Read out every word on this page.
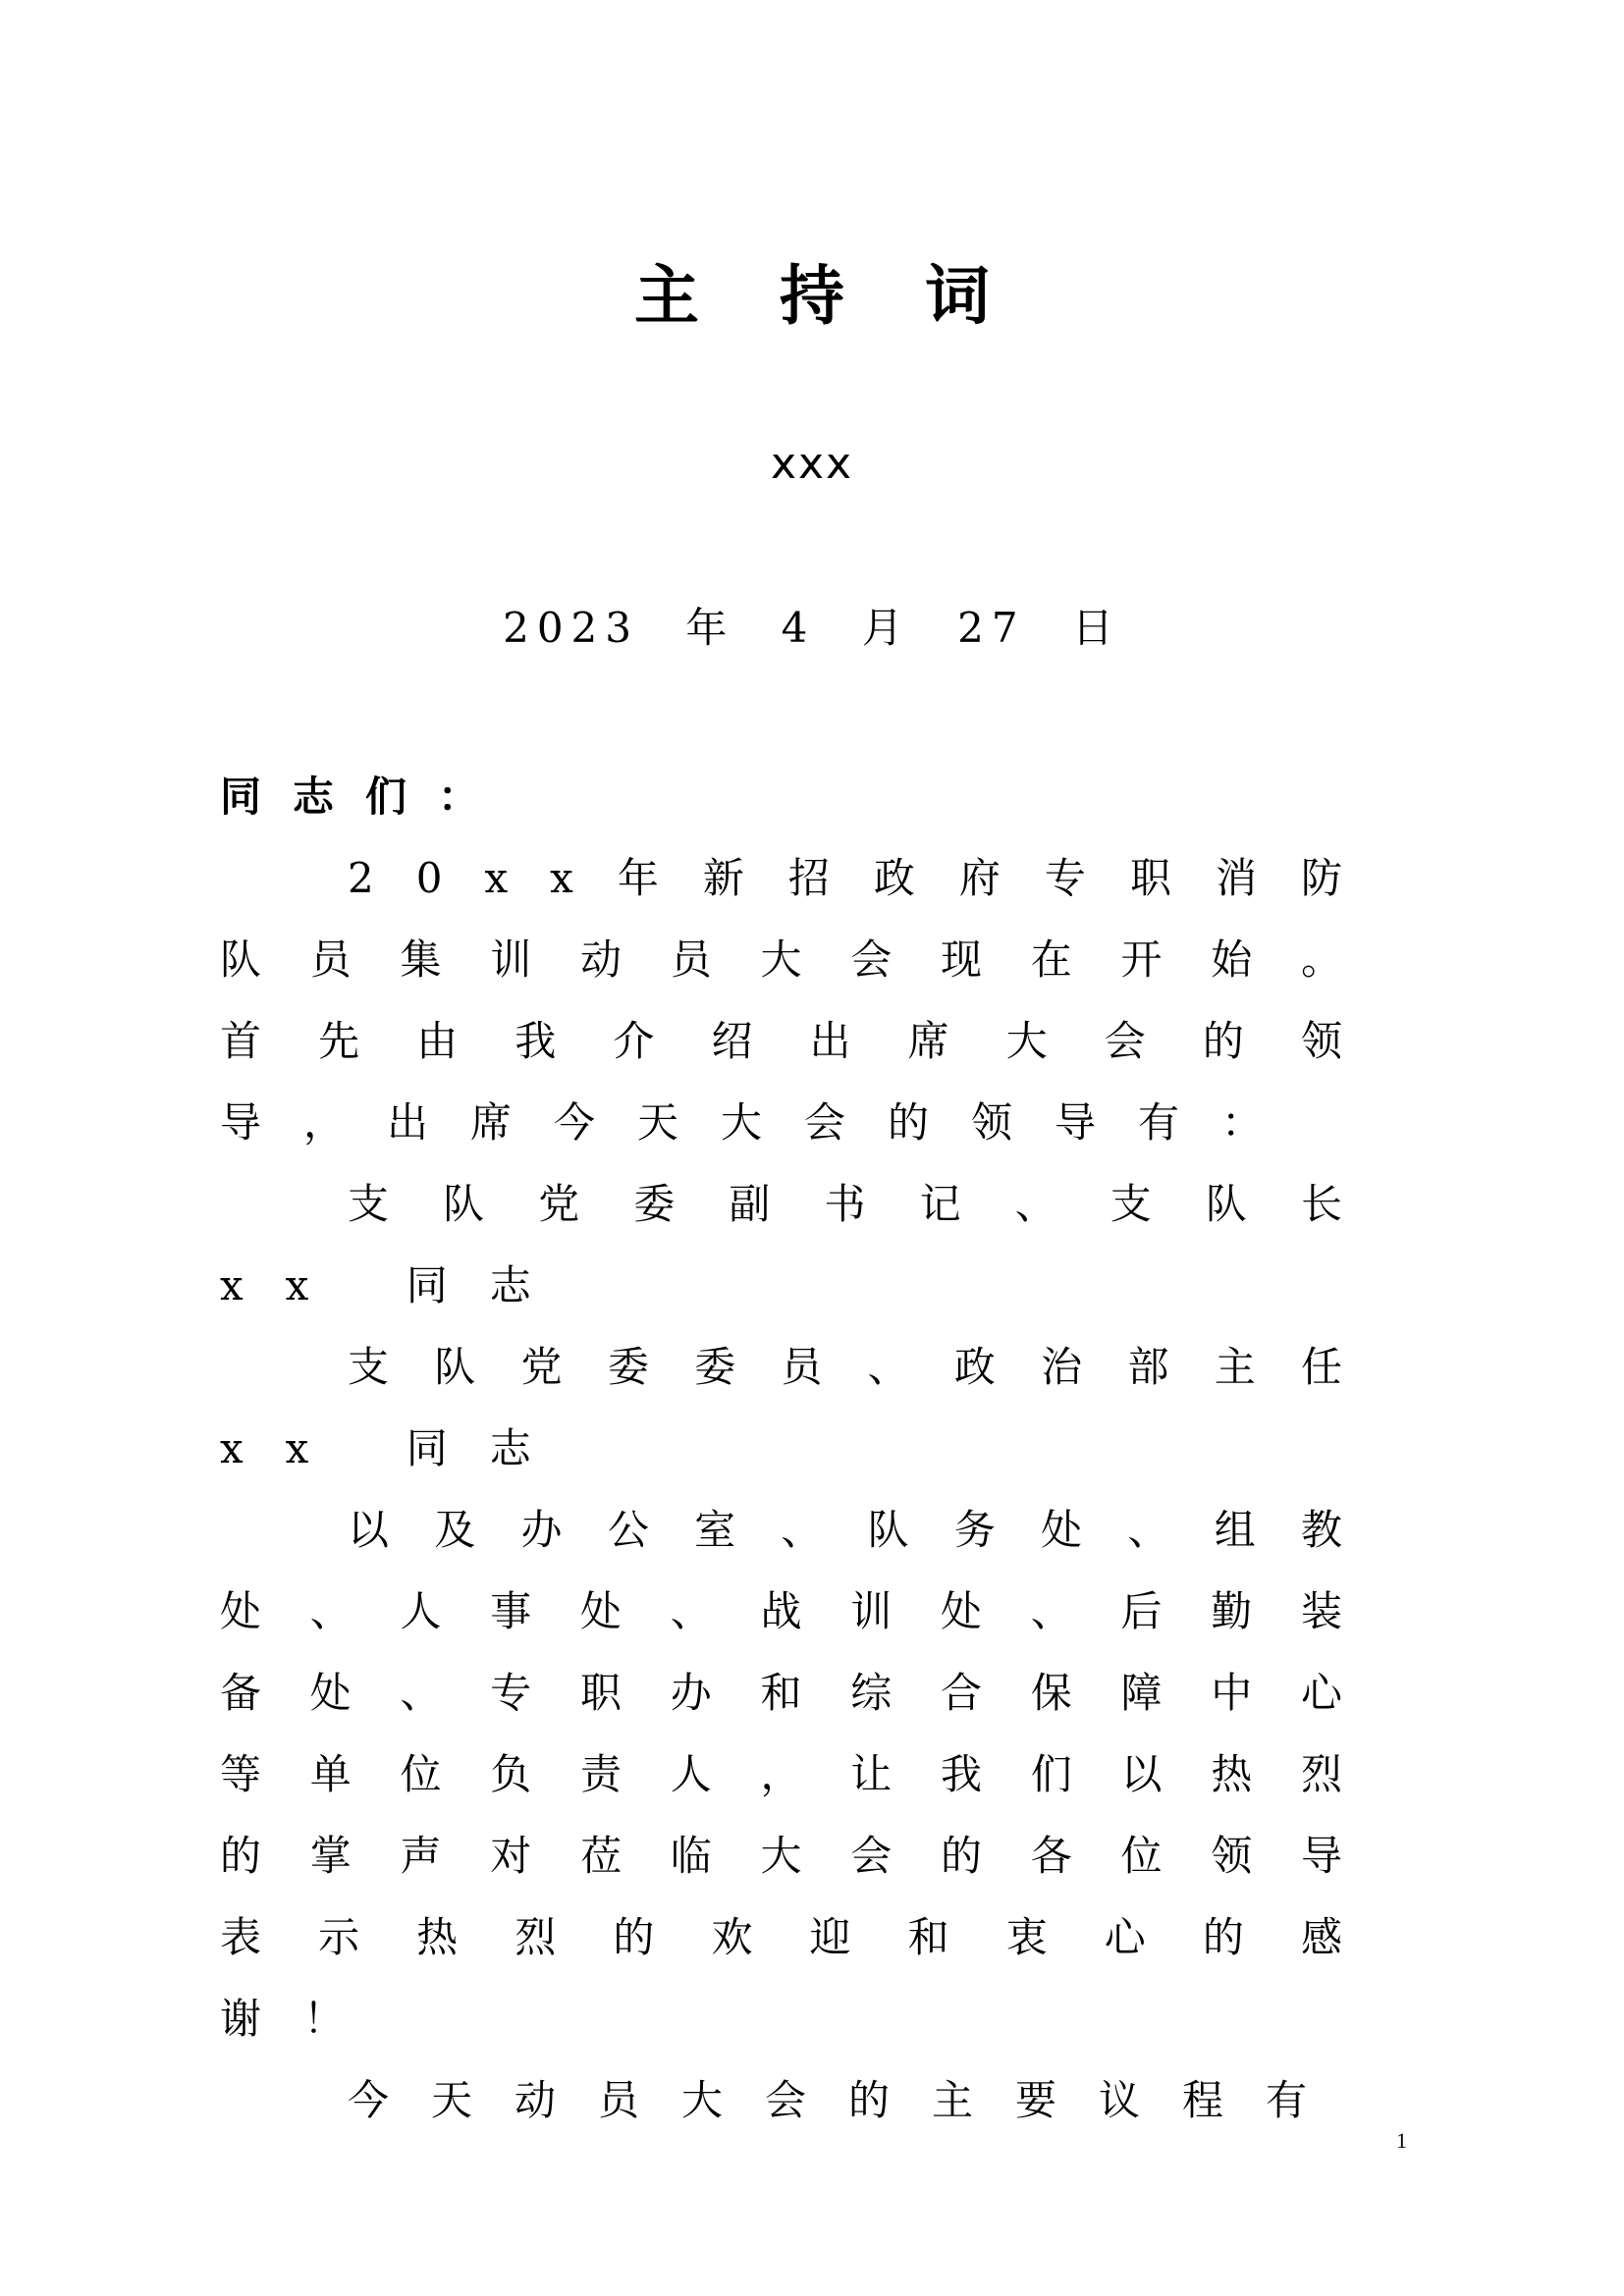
主持词
xxx
2023 年 4 月 27 日

同志们：

20xx年新招政府专职消防队员集训动员大会现在开始。首先由我介绍出席大会的领导，出席今天大会的领导有：

支队党委副书记、支队长 xx 同志

支队党委委员、政治部主任 xx 同志

以及办公室、队务处、组教处、人事处、战训处、后勤装备处、专职办和综合保障中心等单位负责人，让我们以热烈的掌声对莅临大会的各位领导表示热烈的欢迎和衷心的感谢！

今天动员大会的主要议程有

1
